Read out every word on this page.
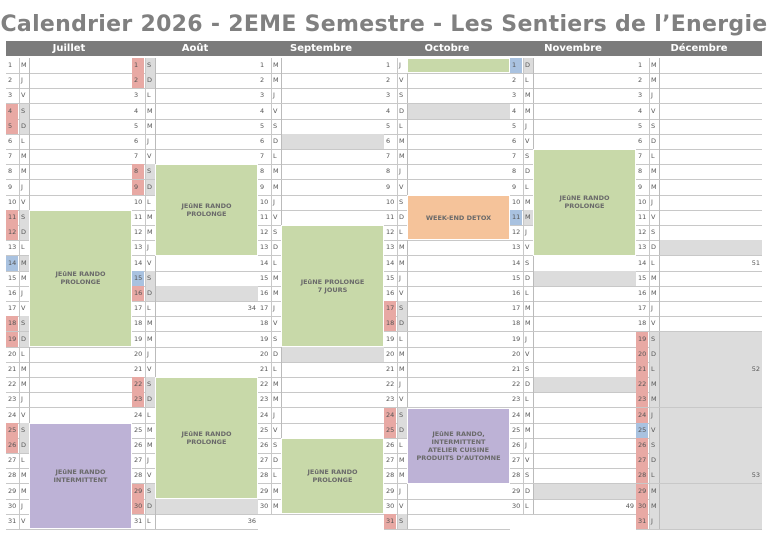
Calendrier 2026 - 2EME Semestre - Les Sentiers de l’Energie
Juillet	Août	Septembre	Octobre	Novembre	Décembre
1	M
2	J
3	V
4	S
5	D
6	L
7	M
8	M
9	J
10 V
11 S
12 D
13 L
14 M
15 M
16 J
17 V
18 S
19 D
20 L
21 M
22 M
23 J
24 V
25 S
26 D
27 L
28 M
29 M
30 J
31 V
JEûNE RANDO
PROLONGE
JEûNE RANDO
INTERMITTENT
1	S
2	D
3	L
4	M
5	M
6	J
7	V
8	S
9	D
10 L
11 M
12 M
13 J
14 V
15 S
16 D
17 L	34
18 M
19 M
20 J
21 V
22 S
23 D
24 L
25 M
26 M
27 J
28 V
29 S
30 D
31 L	36
JEûNE RANDO
PROLONGE
JEûNE RANDO
PROLONGE
1	M
2	M
3	J
4	V
5	S
6	D
7	L
8	M
9	M
10 J
11 V
12 S
13 D
14 L
15 M
16 M
17 J
18 V
19 S
20 D
21 L
22 M
23 M
24 J
25 V
26 S
27 D
28 L
29 M
30 M
JEûNE PROLONGE
7 JOURS
JEûNE RANDO
PROLONGE
1	J
2	V
3	S
4	D
5	L
6	M
7	M
8	J
9	V
10 S
11 D
12 L
13 M
14 M
15 J
16 V
17 S
18 D
19 L
20 M
21 M
22 J
23 V
24 S
25 D
26 L
27 M
28 M
29 J
30 V
31 S
WEEK-END DETOX
JEûNE RANDO,
INTERMITTENT
ATELIER CUISINE
PRODUITS D’AUTOMNE
1	D
2	L
3	M
4	M
5	J
6	V
7	S
8	D
9	L
10 M
11 M
12 J
13 V
14 S
15 D
16 L
17 M
18 M
19 J
20 V
21 S
22 D
23 L
24 M
25 M
26 J
27 V
28 S
29 D
30 L	49
JEûNE RANDO
PROLONGE
1	M
2	M
3	J
4	V
5	S
6	D
7	L
8	M
9	M
10 J
11 V
12 S
13 D
14 L	51
15 M
16 M
17 J
18 V
19 S
20 D
21 L	52
22 M
23 M
24 J
25 V
26 S
27 D
28 L	53
29 M
30 M
31 J
